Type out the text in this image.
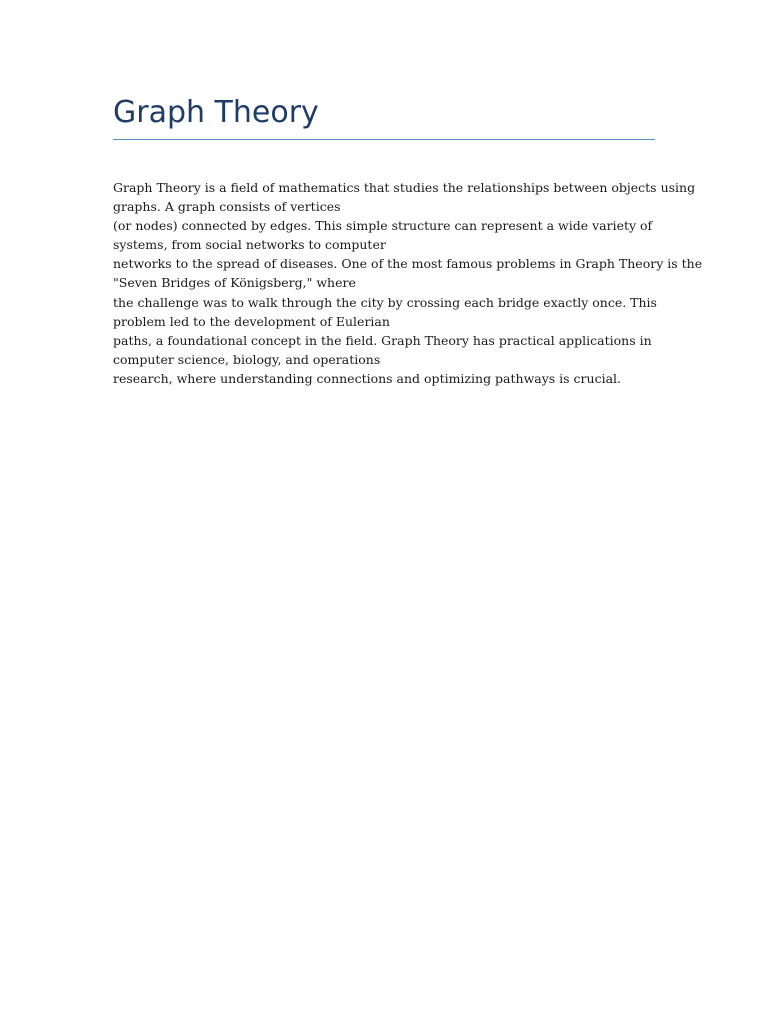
Graph Theory
Graph Theory is a field of mathematics that studies the relationships between objects using
graphs. A graph consists of vertices
(or nodes) connected by edges. This simple structure can represent a wide variety of
systems, from social networks to computer
networks to the spread of diseases. One of the most famous problems in Graph Theory is the
"Seven Bridges of Königsberg," where
the challenge was to walk through the city by crossing each bridge exactly once. This
problem led to the development of Eulerian
paths, a foundational concept in the field. Graph Theory has practical applications in
computer science, biology, and operations
research, where understanding connections and optimizing pathways is crucial.
